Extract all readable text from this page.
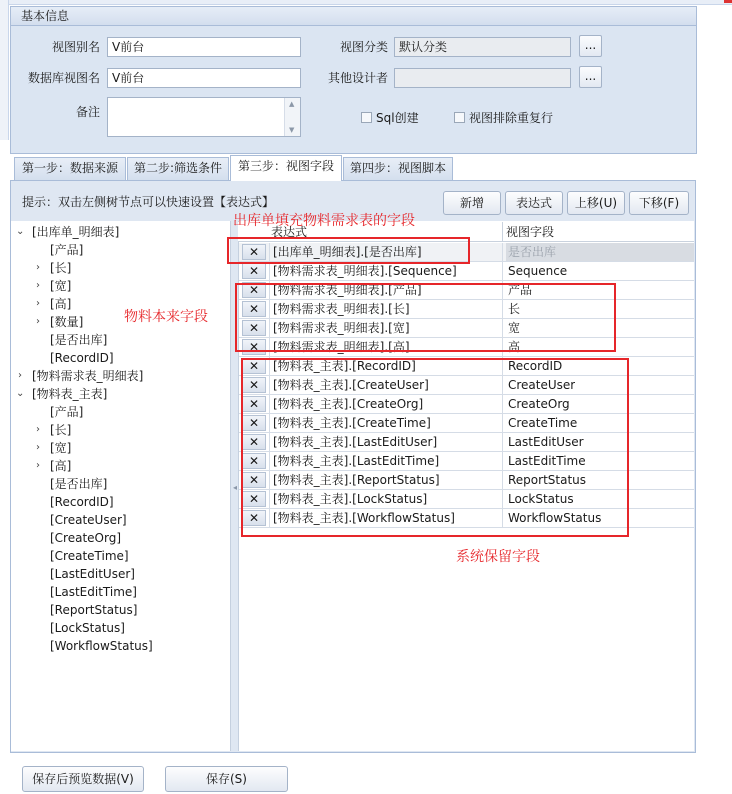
基本信息
视图别名	V前台	视图分类 默认分类	...
数据库视图名	V前台	其他设计者	...
备注
▲
▼
Sql创建	视图排除重复行
第一步：数据来源	第二步:筛选条件	第三步：视图字段	第四步：视图脚本
提示：双击左侧树节点可以快速设置【表达式】	新增	表达式	上移(U)	下移(F)
⌄ [出库单_明细表]
[产品]
› [长]
› [宽]
› [高]
› [数量]
[是否出库]
[RecordID]
› [物料需求表_明细表]
⌄ [物料表_主表]
[产品]
› [长]
› [宽]
› [高]
[是否出库]
[RecordID]
[CreateUser]
[CreateOrg]
[CreateTime]
[LastEditUser]
[LastEditTime]
[ReportStatus]
[LockStatus]
[WorkflowStatus]
◂
表达式	视图字段
✕	[出库单_明细表].[是否出库]	是否出库
✕	[物料需求表_明细表].[Sequence]	Sequence
✕	[物料需求表_明细表].[产品]	产品
✕	[物料需求表_明细表].[长]	长
✕	[物料需求表_明细表].[宽]	宽
✕	[物料需求表_明细表].[高]	高
✕	[物料表_主表].[RecordID]	RecordID
✕	[物料表_主表].[CreateUser]	CreateUser
✕	[物料表_主表].[CreateOrg]	CreateOrg
✕	[物料表_主表].[CreateTime]	CreateTime
✕	[物料表_主表].[LastEditUser]	LastEditUser
✕	[物料表_主表].[LastEditTime]	LastEditTime
✕	[物料表_主表].[ReportStatus]	ReportStatus
✕	[物料表_主表].[LockStatus]	LockStatus
✕	[物料表_主表].[WorkflowStatus]	WorkflowStatus
出库单填充物料需求表的字段
物料本来字段
系统保留字段
保存后预览数据(V)	保存(S)
